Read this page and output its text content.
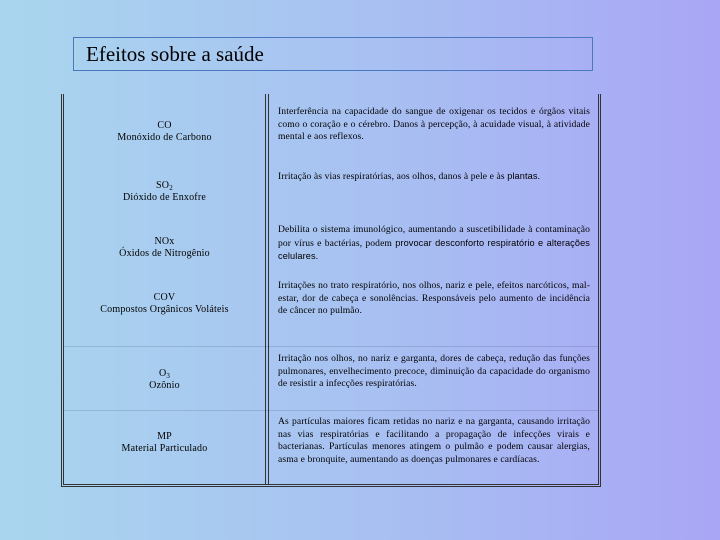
Efeitos sobre a saúde
CO
Monóxido de Carbono
Interferência na capacidade do sangue de oxigenar os tecidos e órgãos vitais como o coração e o cérebro. Danos à percepção, à acuidade visual, à atividade mental e aos reflexos.
$SO_2$
Dióxido de Enxofre
Irritação às vias respiratórias, aos olhos, danos à pele e às plantas.
NOx
Óxidos de Nitrogênio
Debilita o sistema imunológico, aumentando a suscetibilidade à contaminação por vírus e bactérias, podem provocar desconforto respiratório e alterações celulares.
COV
Compostos Orgânicos Voláteis
Irritações no trato respiratório, nos olhos, nariz e pele, efeitos narcóticos, mal-estar, dor de cabeça e sonolências. Responsáveis pelo aumento de incidência de câncer no pulmão.
$O_3$
Ozônio
Irritação nos olhos, no nariz e garganta, dores de cabeça, redução das funções pulmonares, envelhecimento precoce, diminuição da capacidade do organismo de resistir a infecções respiratórias.
MP
Material Particulado
As partículas maiores ficam retidas no nariz e na garganta, causando irritação nas vias respiratórias e facilitando a propagação de infecções virais e bacterianas. Partículas menores atingem o pulmão e podem causar alergias, asma e bronquite, aumentando as doenças pulmonares e cardíacas.
